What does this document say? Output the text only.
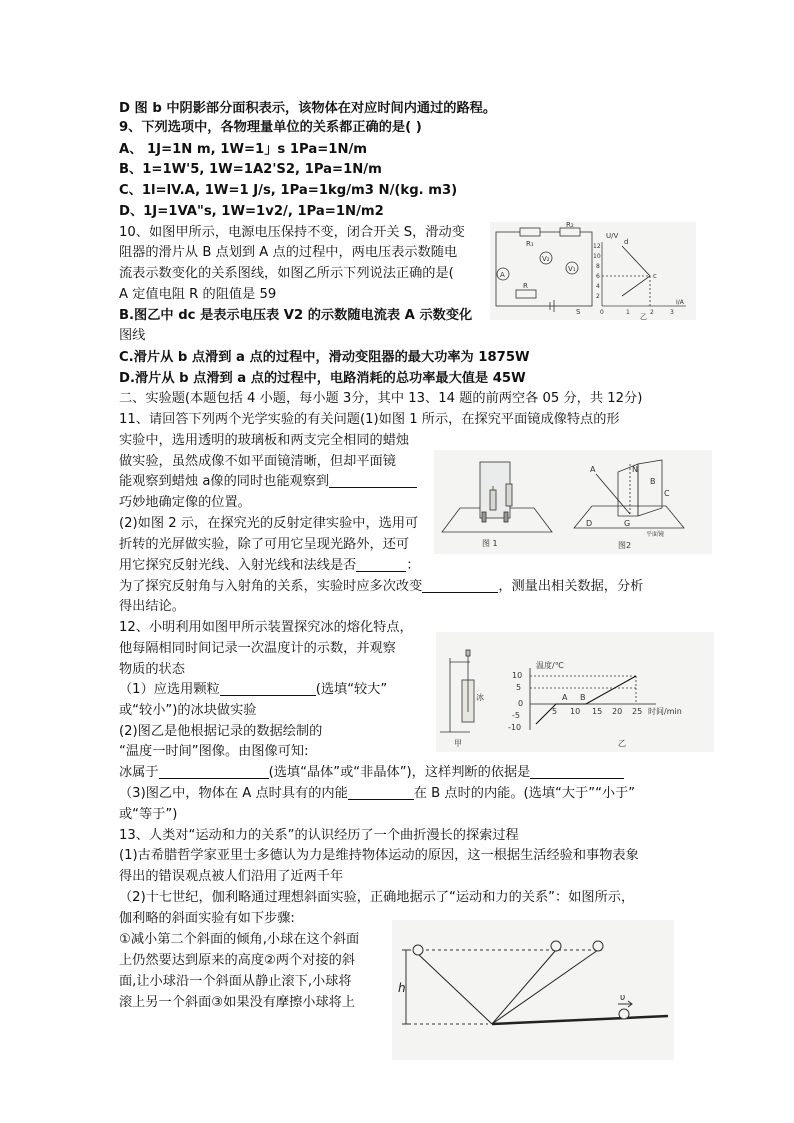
D 图 b 中阴影部分面积表示，该物体在对应时间内通过的路程。
9、下列选项中，各物理量单位的关系都正确的是( )
A、 1J=1N m, 1W=1」s 1Pa=1N/m
B、1=1W'5, 1W=1A2'S2, 1Pa=1N/m
C、1l=lV.A, 1W=1 J/s, 1Pa=1kg/m3 N/(kg. m3)
D、1J=1VA"s, 1W=1v2/, 1Pa=1N/m2
10、如图甲所示，电源电压保持不变，闭合开关 S，滑动变
阻器的滑片从 B 点划到 A 点的过程中，两电压表示数随电
流表示数变化的关系图线，如图乙所示下列说法正确的是(
A 定值电阻 R 的阻值是 59
B.图乙中 dc 是表示电压表 V2 的示数随电流表 A 示数变化
图线
C.滑片从 b 点滑到 a 点的过程中，滑动变阻器的最大功率为 1875W
D.滑片从 b 点滑到 a 点的过程中，电路消耗的总功率最大值是 45W
二、实验题(本题包括 4 小题，每小题 3分，其中 13、14 题的前两空各 05 分，共 12分)
11、请回答下列两个光学实验的有关问题(1)如图 1 所示，在探究平面镜成像特点的形
实验中，选用透明的玻璃板和两支完全相同的蜡烛
做实验，虽然成像不如平面镜清晰，但却平面镜
能观察到蜡烛 a像的同时也能观察到
巧妙地确定像的位置。
(2)如图 2 示，在探究光的反射定律实验中，选用可
折转的光屏做实验，除了可用它呈现光路外，还可
用它探究反射光线、入射光线和法线是否	：
为了探究反射角与入射角的关系，实验时应多次改变	，测量出相关数据，分析
得出结论。
12、小明利用如图甲所示装置探究冰的熔化特点，
他每隔相同时间记录一次温度计的示数，并观察
物质的状态
（1）应选用颗粒	(选填“较大”
或“较小”)的冰块做实验
(2)图乙是他根据记录的数据绘制的
“温度一时间”图像。由图像可知:
冰属于	(选填“晶体”或“非晶体”)，这样判断的依据是
（3)图乙中，物体在 A 点时具有的内能	在 B 点时的内能。(选填“大于”“小于”
或“等于”)
13、人类对“运动和力的关系”的认识经历了一个曲折漫长的探索过程
(1)古希腊哲学家亚里士多德认为力是维持物体运动的原因，这一根据生活经验和事物表象
得出的错误观点被人们沿用了近两千年
（2)十七世纪，伽利略通过理想斜面实验，正确地据示了“运动和力的关系”：如图所示，
伽利略的斜面实验有如下步骤:
①减小第二个斜面的倾角,小球在这个斜面
上仍然要达到原来的高度②两个对接的斜
面,让小球沿一个斜面从静止滚下,小球将
滚上另一个斜面③如果没有摩擦小球将上
R₁
R₂
V₂
V₁
A
R
S
U/V
12
10
8
6
4
2
d
c
0	1	2	3
I/A
乙
图 1
N
A
B
C
D	G
平面镜
图2
冰
甲
温度/℃
10
5
0
-5
-10
A B
5 10 15 20 25 时间/min
乙
h
υ
